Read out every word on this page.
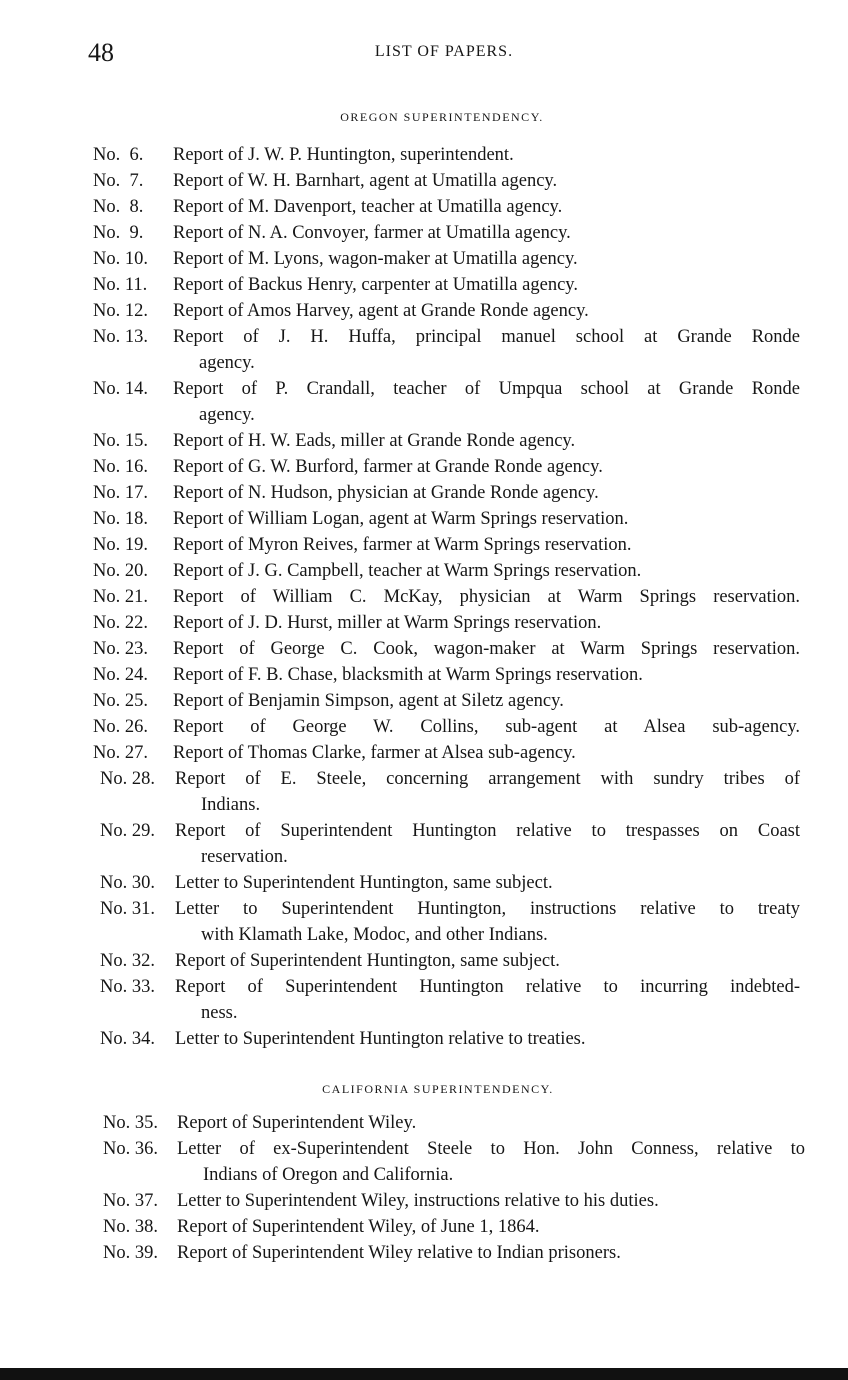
48	LIST OF PAPERS.
OREGON SUPERINTENDENCY.
No.  6. Report of J. W. P. Huntington, superintendent.
No.  7. Report of W. H. Barnhart, agent at Umatilla agency.
No.  8. Report of M. Davenport, teacher at Umatilla agency.
No.  9. Report of N. A. Convoyer, farmer at Umatilla agency.
No. 10. Report of M. Lyons, wagon-maker at Umatilla agency.
No. 11. Report of Backus Henry, carpenter at Umatilla agency.
No. 12. Report of Amos Harvey, agent at Grande Ronde agency.
No. 13. Report of J. H. Huffa, principal manuel school at Grande Ronde
agency.
No. 14. Report of P. Crandall, teacher of Umpqua school at Grande Ronde
agency.
No. 15. Report of H. W. Eads, miller at Grande Ronde agency.
No. 16. Report of G. W. Burford, farmer at Grande Ronde agency.
No. 17. Report of N. Hudson, physician at Grande Ronde agency.
No. 18. Report of William Logan, agent at Warm Springs reservation.
No. 19. Report of Myron Reives, farmer at Warm Springs reservation.
No. 20. Report of J. G. Campbell, teacher at Warm Springs reservation.
No. 21. Report of William C. McKay, physician at Warm Springs reservation.
No. 22. Report of J. D. Hurst, miller at Warm Springs reservation.
No. 23. Report of George C. Cook, wagon-maker at Warm Springs reservation.
No. 24. Report of F. B. Chase, blacksmith at Warm Springs reservation.
No. 25. Report of Benjamin Simpson, agent at Siletz agency.
No. 26. Report of George W. Collins, sub-agent at Alsea sub-agency.
No. 27. Report of Thomas Clarke, farmer at Alsea sub-agency.
No. 28. Report of E. Steele, concerning arrangement with sundry tribes of
Indians.
No. 29. Report of Superintendent Huntington relative to trespasses on Coast
reservation.
No. 30. Letter to Superintendent Huntington, same subject.
No. 31. Letter to Superintendent Huntington, instructions relative to treaty
with Klamath Lake, Modoc, and other Indians.
No. 32. Report of Superintendent Huntington, same subject.
No. 33. Report of Superintendent Huntington relative to incurring indebted-
ness.
No. 34. Letter to Superintendent Huntington relative to treaties.
CALIFORNIA SUPERINTENDENCY.
No. 35. Report of Superintendent Wiley.
No. 36. Letter of ex-Superintendent Steele to Hon. John Conness, relative to
Indians of Oregon and California.
No. 37. Letter to Superintendent Wiley, instructions relative to his duties.
No. 38. Report of Superintendent Wiley, of June 1, 1864.
No. 39. Report of Superintendent Wiley relative to Indian prisoners.
